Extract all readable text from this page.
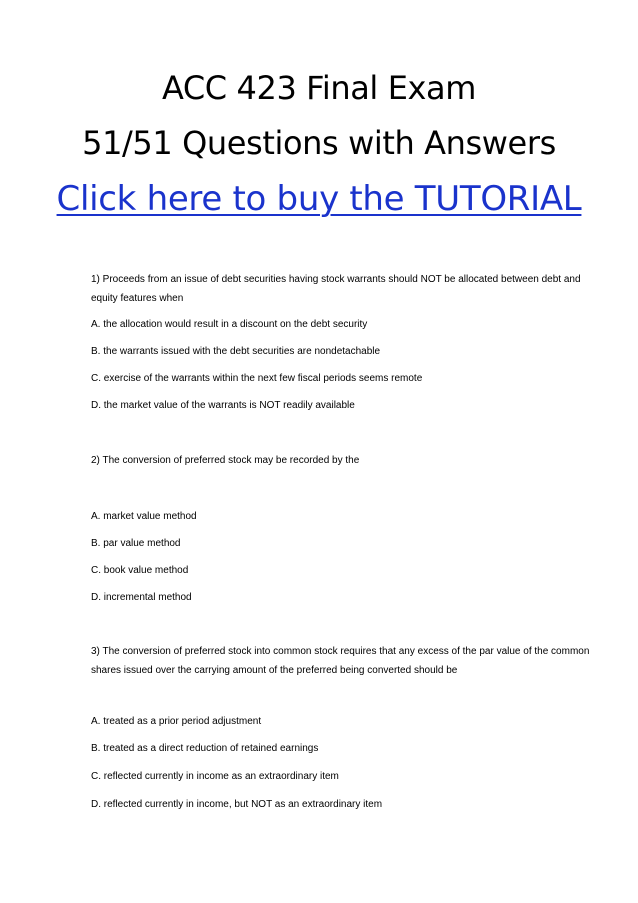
ACC 423 Final Exam
51/51 Questions with Answers
Click here to buy the TUTORIAL
1) Proceeds from an issue of debt securities having stock warrants should NOT be allocated between debt and equity features when
A. the allocation would result in a discount on the debt security
B. the warrants issued with the debt securities are nondetachable
C. exercise of the warrants within the next few fiscal periods seems remote
D. the market value of the warrants is NOT readily available
2) The conversion of preferred stock may be recorded by the
A. market value method
B. par value method
C. book value method
D. incremental method
3) The conversion of preferred stock into common stock requires that any excess of the par value of the common shares issued over the carrying amount of the preferred being converted should be
A. treated as a prior period adjustment
B. treated as a direct reduction of retained earnings
C. reflected currently in income as an extraordinary item
D. reflected currently in income, but NOT as an extraordinary item
